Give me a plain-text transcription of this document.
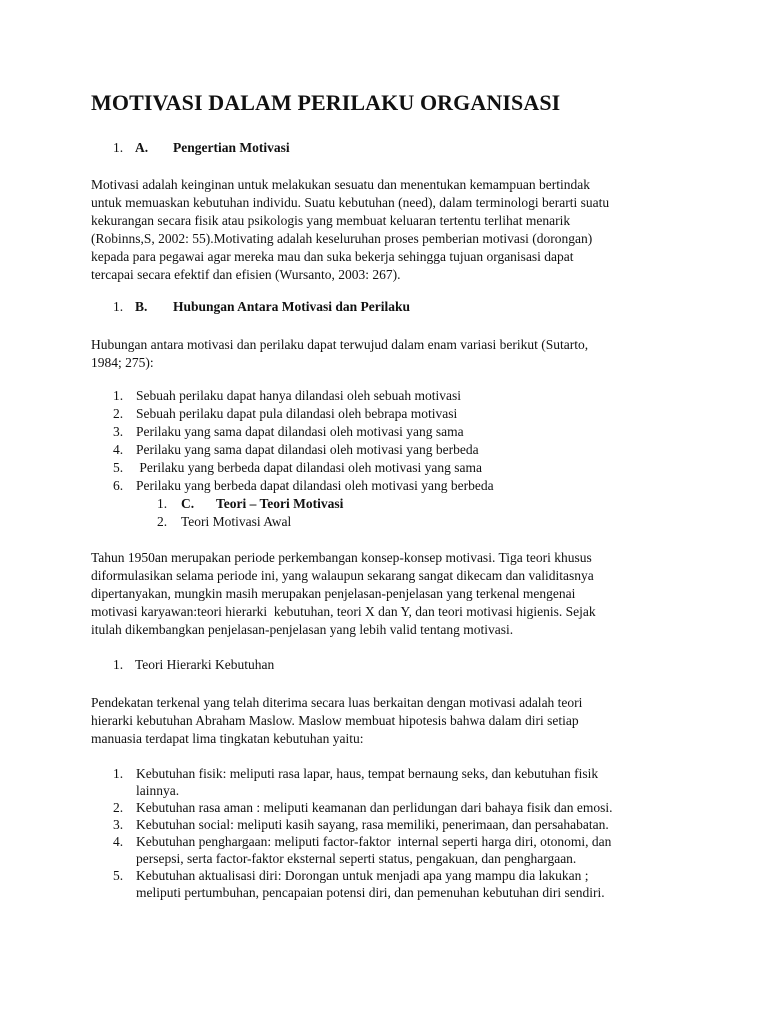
MOTIVASI DALAM PERILAKU ORGANISASI
1. A. Pengertian Motivasi
Motivasi adalah keinginan untuk melakukan sesuatu dan menentukan kemampuan bertindak
untuk memuaskan kebutuhan individu. Suatu kebutuhan (need), dalam terminologi berarti suatu
kekurangan secara fisik atau psikologis yang membuat keluaran tertentu terlihat menarik
(Robinns,S, 2002: 55).Motivating adalah keseluruhan proses pemberian motivasi (dorongan)
kepada para pegawai agar mereka mau dan suka bekerja sehingga tujuan organisasi dapat
tercapai secara efektif dan efisien (Wursanto, 2003: 267).
1. B. Hubungan Antara Motivasi dan Perilaku
Hubungan antara motivasi dan perilaku dapat terwujud dalam enam variasi berikut (Sutarto,
1984; 275):
1. Sebuah perilaku dapat hanya dilandasi oleh sebuah motivasi
2. Sebuah perilaku dapat pula dilandasi oleh bebrapa motivasi
3. Perilaku yang sama dapat dilandasi oleh motivasi yang sama
4. Perilaku yang sama dapat dilandasi oleh motivasi yang berbeda
5. Perilaku yang berbeda dapat dilandasi oleh motivasi yang sama
6. Perilaku yang berbeda dapat dilandasi oleh motivasi yang berbeda
1. C. Teori – Teori Motivasi
2. Teori Motivasi Awal
Tahun 1950an merupakan periode perkembangan konsep-konsep motivasi. Tiga teori khusus
diformulasikan selama periode ini, yang walaupun sekarang sangat dikecam dan validitasnya
dipertanyakan, mungkin masih merupakan penjelasan-penjelasan yang terkenal mengenai
motivasi karyawan:teori hierarki  kebutuhan, teori X dan Y, dan teori motivasi higienis. Sejak
itulah dikembangkan penjelasan-penjelasan yang lebih valid tentang motivasi.
1. Teori Hierarki Kebutuhan
Pendekatan terkenal yang telah diterima secara luas berkaitan dengan motivasi adalah teori
hierarki kebutuhan Abraham Maslow. Maslow membuat hipotesis bahwa dalam diri setiap
manuasia terdapat lima tingkatan kebutuhan yaitu:
1. Kebutuhan fisik: meliputi rasa lapar, haus, tempat bernaung seks, dan kebutuhan fisik
lainnya.
2. Kebutuhan rasa aman : meliputi keamanan dan perlidungan dari bahaya fisik dan emosi.
3. Kebutuhan social: meliputi kasih sayang, rasa memiliki, penerimaan, dan persahabatan.
4. Kebutuhan penghargaan: meliputi factor-faktor  internal seperti harga diri, otonomi, dan
persepsi, serta factor-faktor eksternal seperti status, pengakuan, dan penghargaan.
5. Kebutuhan aktualisasi diri: Dorongan untuk menjadi apa yang mampu dia lakukan ;
meliputi pertumbuhan, pencapaian potensi diri, dan pemenuhan kebutuhan diri sendiri.
